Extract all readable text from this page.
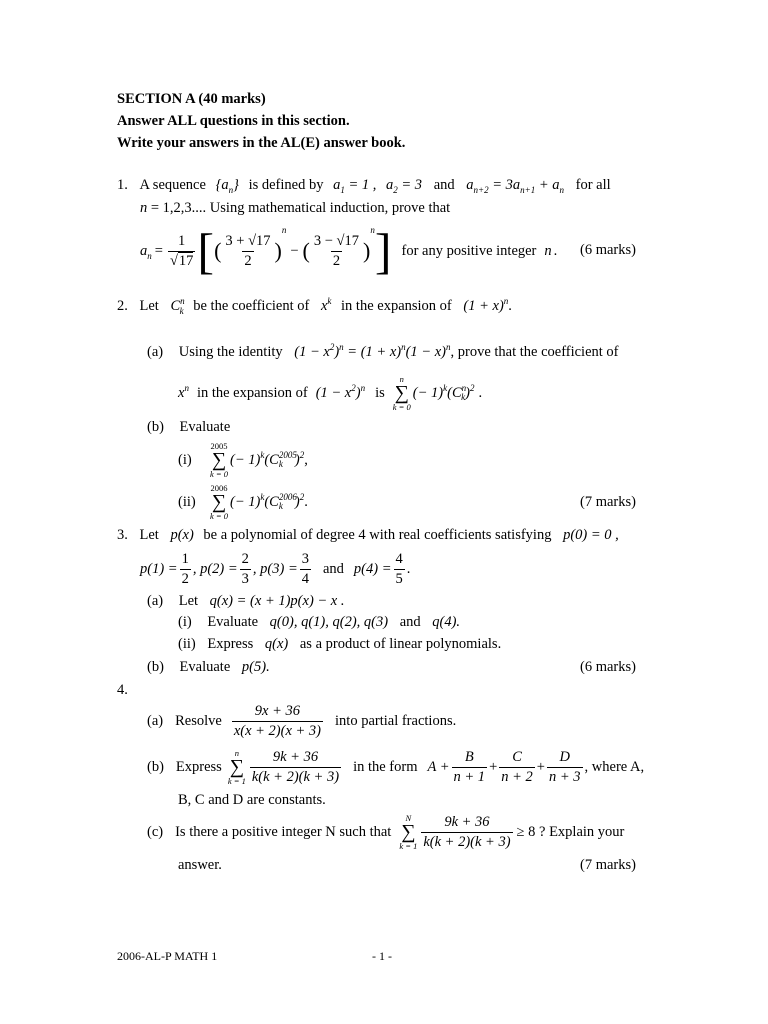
SECTION A (40 marks)
Answer ALL questions in this section.
Write your answers in the AL(E) answer book.
1. A sequence $\{a_n\}$ is defined by $a_1 = 1$ , $a_2 = 3$ and $a_{n+2} = 3a_{n+1} + a_n$ for all
n = 1,2,3.... Using mathematical induction, prove that
$a_n = \frac{1}{√17}$ [ ( $\frac{3 + √17}{2}$ )
n
− ( $\frac{3 - √17}{2}$ )
n ] for any positive integer n . (6 marks)
2. Let $C^n_k$ be the coefficient of $x^k$ in the expansion of $(1 + x)^n$.
(a) Using the identity $(1 - x^2)^n = (1 + x)^n(1 - x)^n$, prove that the coefficient of
$x^n$ in the expansion of $(1 - x^2)^n$ is
n
∑
k = 0
(− $1)^k(C^n_k)^2$ .
(b) Evaluate
(i)
2005
∑
k = 0
(− $1)^k(C^{2005}_k$ )$^2$ ,
(ii)
2006
∑
k = 0
(− $1)^k(C^{2006}_k$ )$^2$ .	(7 marks)
3. Let p(x) be a polynomial of degree 4 with real coefficients satisfying p(0) = 0 ,
$p(1) = \frac{1}{2}$ , $p(2) = \frac{2}{3}$ , $p(3) = \frac{3}{4}$ and $p(4) = \frac{4}{5}$ .
(a) Let q(x) = (x + 1)p(x) − x .
(i) Evaluate q(0), q(1), q(2), q(3) and q(4).
(ii) Express q(x) as a product of linear polynomials.
(b) Evaluate p(5).	(6 marks)
4.
(a) Resolve $\frac{9x + 36}{x(x + 2)(x + 3)}$ into partial fractions.
(b) Express
n
∑
$k = 1 \frac{9k + 36}{k(k + 2)(k + 3)}$ in the form $A + \frac{B}{n + 1} + \frac{C}{n + 2} + \frac{D}{n + 3}$ , where A,
B, C and D are constants.
(c) Is there a positive integer N such that
N
∑
$k = 1 \frac{9k + 36}{k(k + 2)(k + 3)} \ge 8$ ? Explain your
answer.	(7 marks)
2006-AL-P MATH 1	- 1 -
